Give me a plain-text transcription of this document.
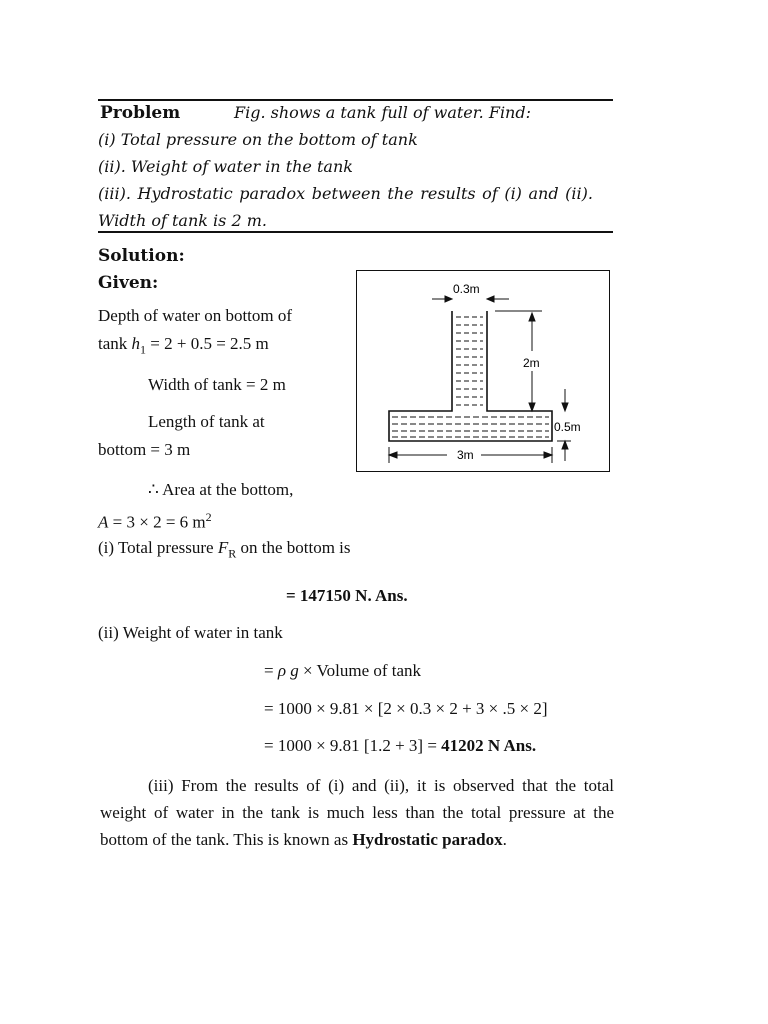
Problem	Fig. shows a tank full of water. Find:
(i) Total pressure on the bottom of tank
(ii). Weight of water in the tank
(iii). Hydrostatic paradox between the results of (i) and (ii).
Width of tank is 2 m.
Solution:
Given:
Depth of water on bottom of
tank $h_1 = 2 + 0.5 = 2.5$ m
Width of tank = 2 m
Length of tank at
bottom = 3 m
∴ Area at the bottom,
A = 3 × 2 = 6 $m^2$
(i) Total pressure $F_R$ on the bottom is
= 147150 N. Ans.
(ii) Weight of water in tank
= ρ g × Volume of tank
= 1000 × 9.81 × [2 × 0.3 × 2 + 3 × .5 × 2]
= 1000 × 9.81 [1.2 + 3] = 41202 N Ans.
(iii) From the results of (i) and (ii), it is observed that the total weight of water in the tank is much less than the total pressure at the bottom of the tank. This is known as Hydrostatic paradox.
0.3m
2m
0.5m
3m
